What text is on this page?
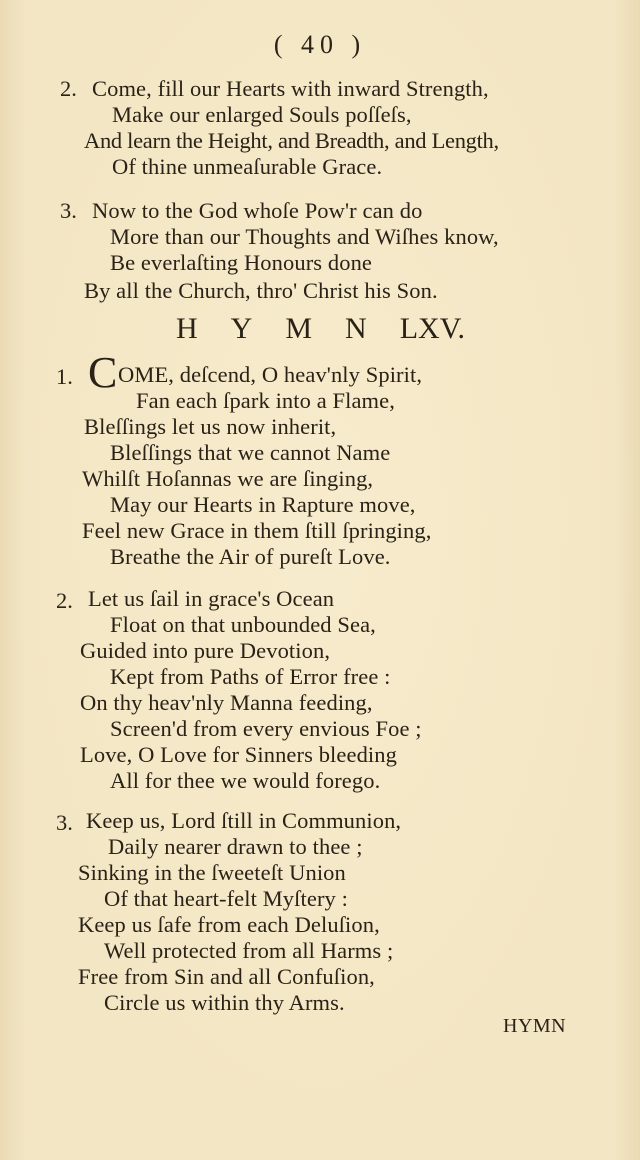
( 40 )
2. Come, fill our Hearts with inward Strength,
Make our enlarged Souls poſſeſs,
And learn the Height, and Breadth, and Length,
Of thine unmeaſurable Grace.
3. Now to the God whoſe Pow'r can do
More than our Thoughts and Wiſhes know,
Be everlaſting Honours done
By all the Church, thro' Christ his Son.
H Y M N LXV.
1. C OME, deſcend, O heav'nly Spirit,
Fan each ſpark into a Flame,
Bleſſings let us now inherit,
Bleſſings that we cannot Name
Whilſt Hoſannas we are ſinging,
May our Hearts in Rapture move,
Feel new Grace in them ſtill ſpringing,
Breathe the Air of pureſt Love.
2. Let us ſail in grace's Ocean
Float on that unbounded Sea,
Guided into pure Devotion,
Kept from Paths of Error free :
On thy heav'nly Manna feeding,
Screen'd from every envious Foe ;
Love, O Love for Sinners bleeding
All for thee we would forego.
3. Keep us, Lord ſtill in Communion,
Daily nearer drawn to thee ;
Sinking in the ſweeteſt Union
Of that heart-felt Myſtery :
Keep us ſafe from each Deluſion,
Well protected from all Harms ;
Free from Sin and all Confuſion,
Circle us within thy Arms.
HYMN
